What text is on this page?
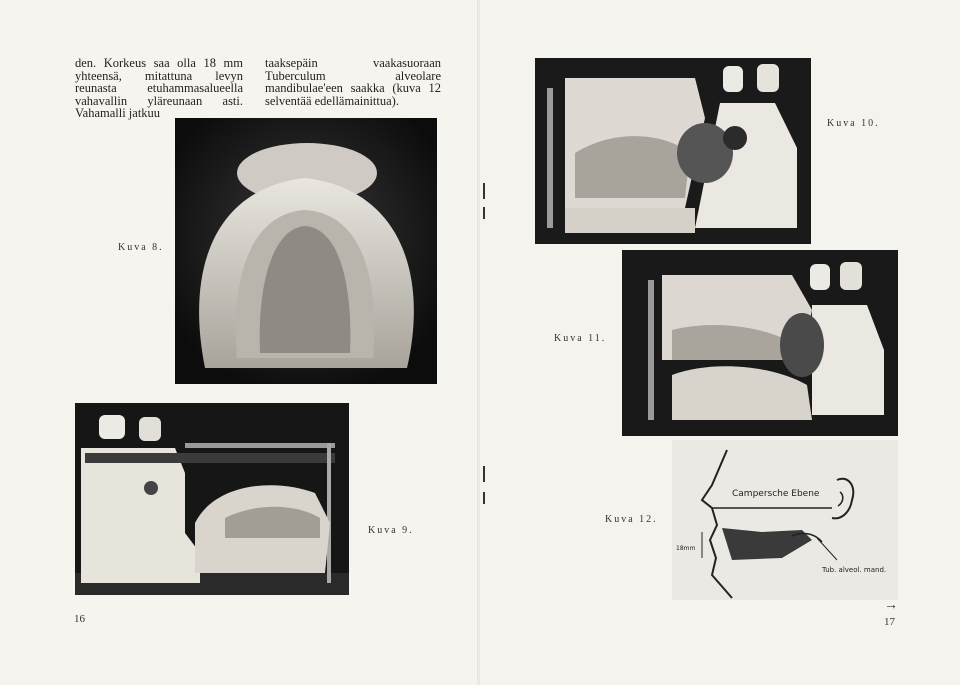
den. Korkeus saa olla 18 mm yhteensä, mitattuna levyn reunasta etuhammasalueella vahavallin yläreunaan asti. Vahamalli jatkuu

taaksepäin vaakasuoraan Tuberculum alveolare mandibulae'een saakka (kuva 12 selventää edellämainittua).

Kuva 8.
Kuva 9.
16
Kuva 10.
Kuva 11.
Campersche Ebene
18mm
Tub. alveol. mand.
Kuva 12.
→
17
